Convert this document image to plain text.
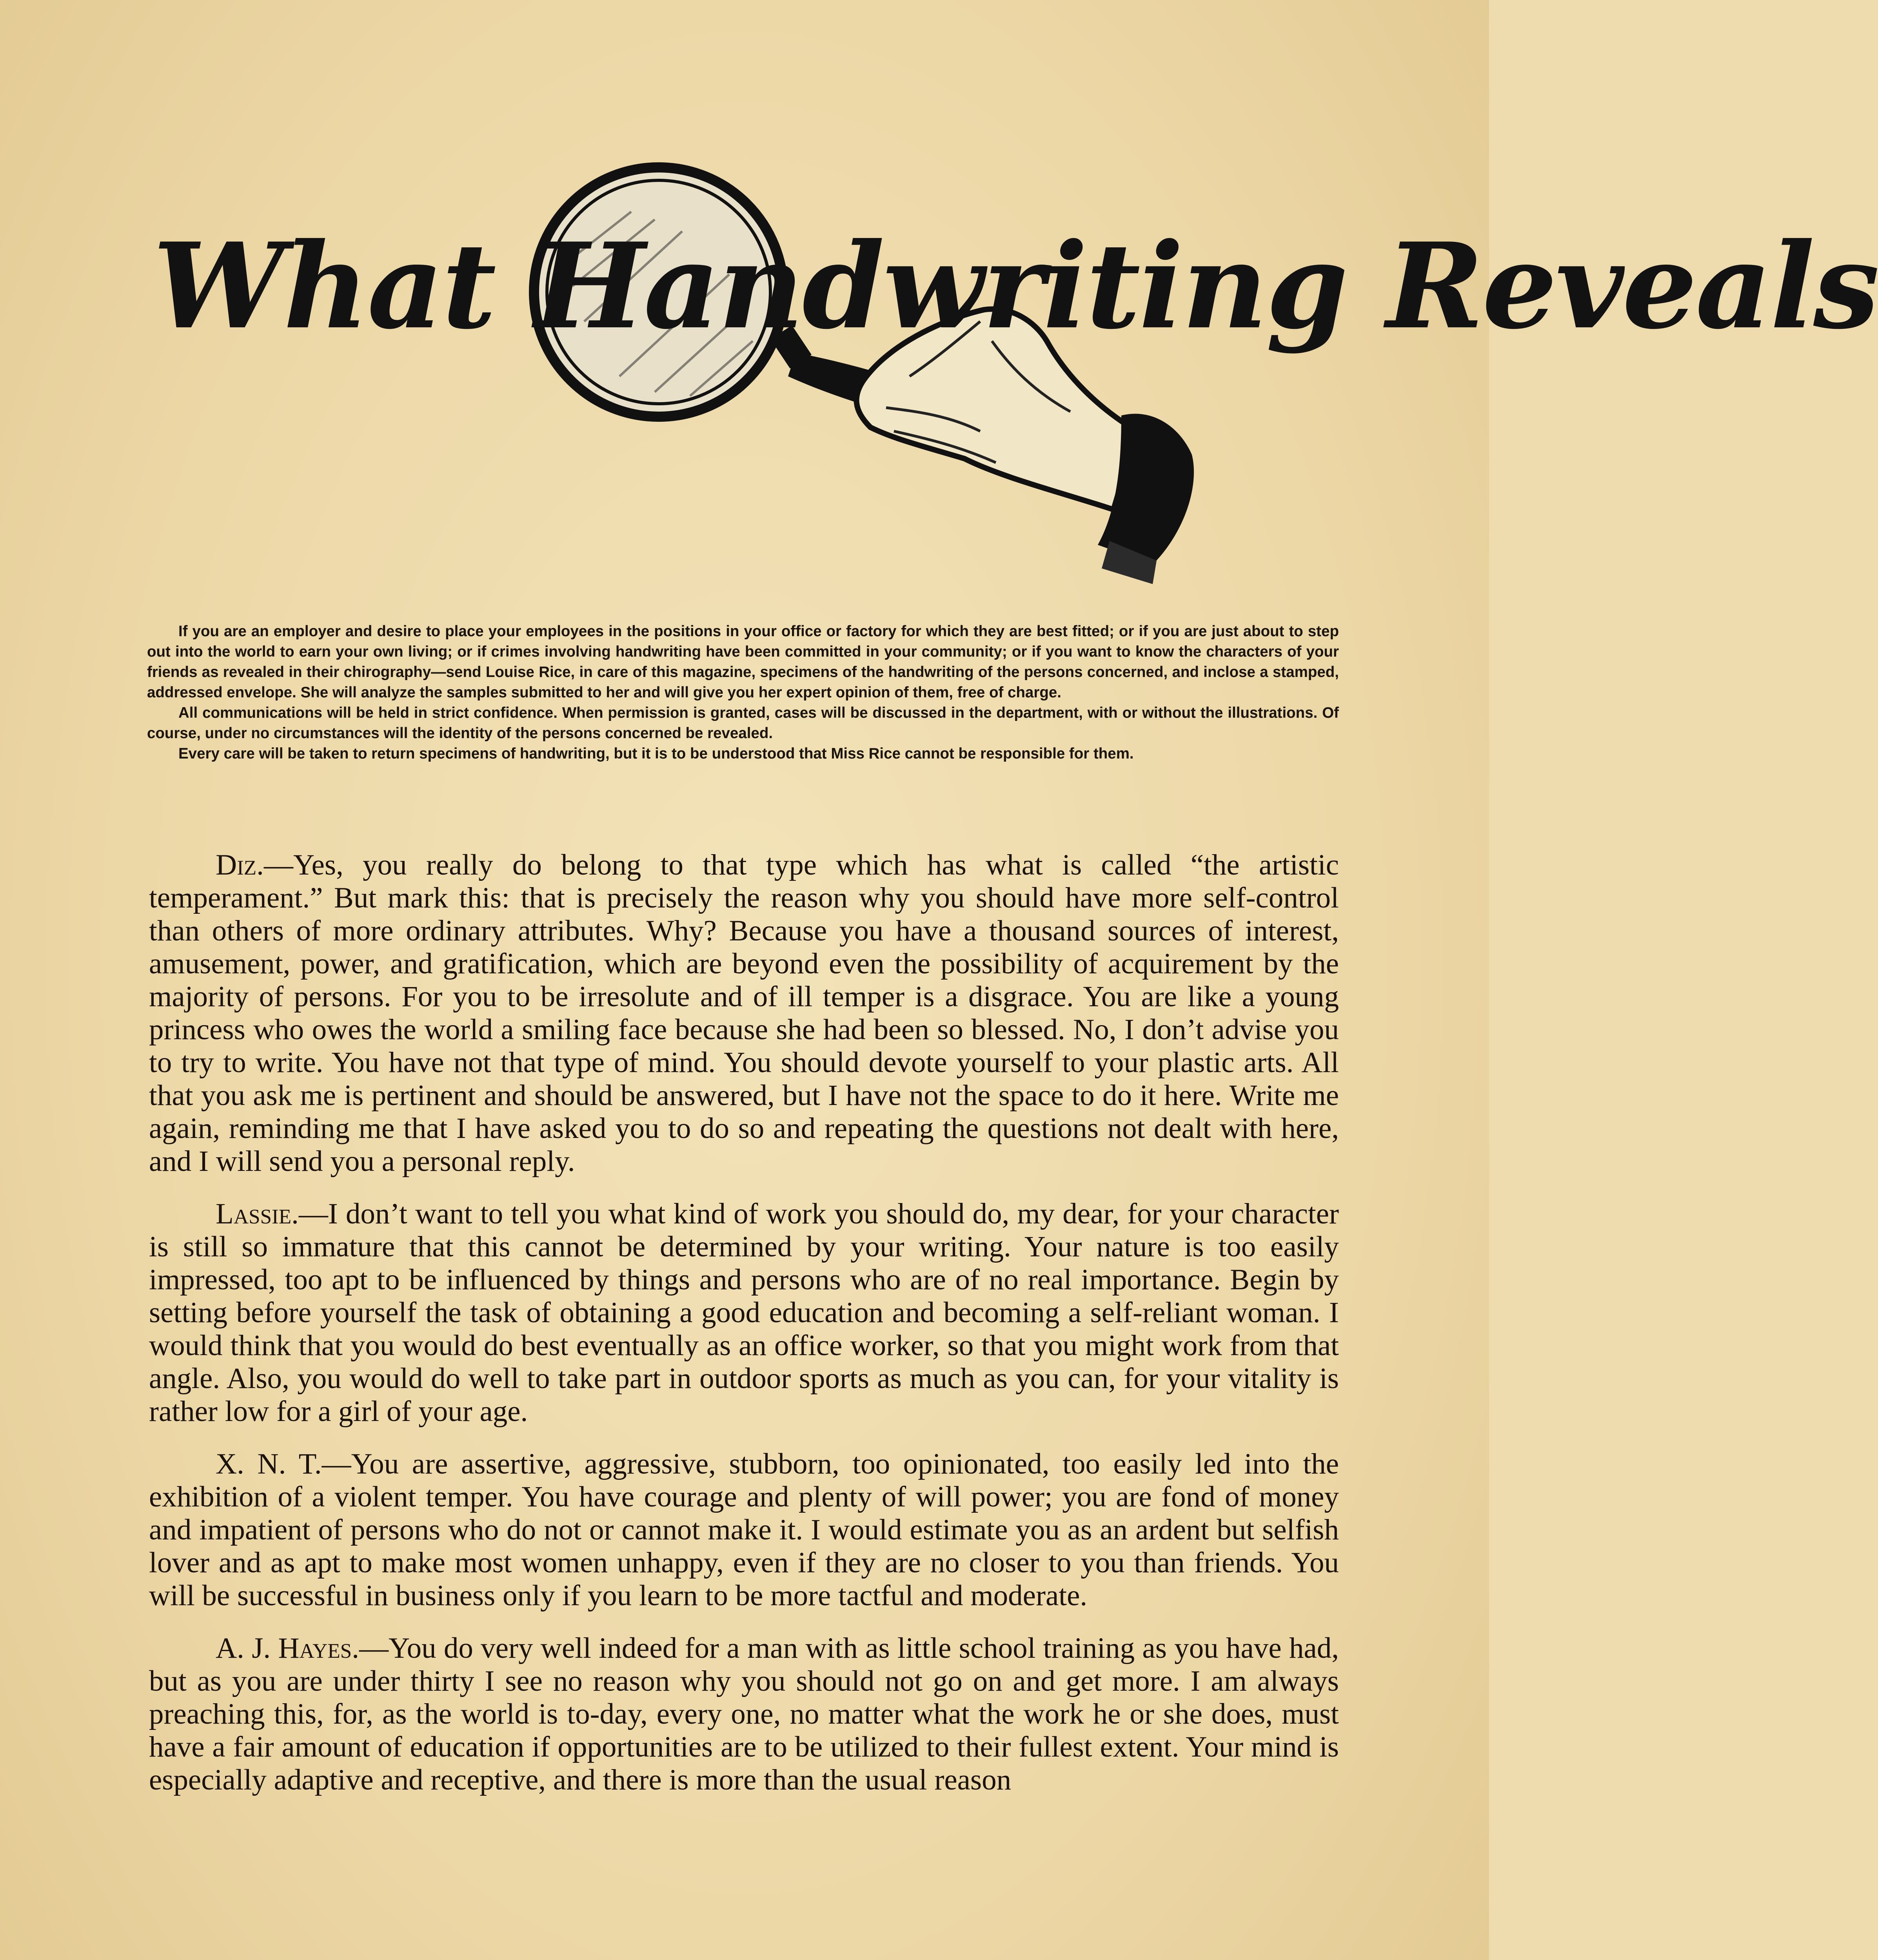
What Handwriting Reveals

If you are an employer and desire to place your employees in the positions in your office or factory for which they are best fitted; or if you are just about to step out into the world to earn your own living; or if crimes involving handwriting have been committed in your community; or if you want to know the characters of your friends as revealed in their chirography—send Louise Rice, in care of this magazine, specimens of the handwriting of the persons concerned, and inclose a stamped, addressed envelope. She will analyze the samples submitted to her and will give you her expert opinion of them, free of charge.

All communications will be held in strict confidence. When permission is granted, cases will be discussed in the department, with or without the illustrations. Of course, under no circumstances will the identity of the persons concerned be revealed.

Every care will be taken to return specimens of handwriting, but it is to be understood that Miss Rice cannot be responsible for them.

Diz.—Yes, you really do belong to that type which has what is called “the artistic temperament.” But mark this: that is precisely the reason why you should have more self-control than others of more ordinary attributes. Why? Because you have a thousand sources of interest, amusement, power, and gratification, which are beyond even the possibility of acquirement by the majority of persons. For you to be irresolute and of ill temper is a disgrace. You are like a young princess who owes the world a smiling face because she had been so blessed. No, I don’t advise you to try to write. You have not that type of mind. You should devote yourself to your plastic arts. All that you ask me is pertinent and should be answered, but I have not the space to do it here. Write me again, reminding me that I have asked you to do so and repeating the questions not dealt with here, and I will send you a personal reply.

Lassie.—I don’t want to tell you what kind of work you should do, my dear, for your character is still so immature that this cannot be determined by your writing. Your nature is too easily impressed, too apt to be influenced by things and persons who are of no real importance. Begin by setting before yourself the task of obtaining a good education and becoming a self-reliant woman. I would think that you would do best eventually as an office worker, so that you might work from that angle. Also, you would do well to take part in outdoor sports as much as you can, for your vitality is rather low for a girl of your age.

X. N. T.—You are assertive, aggressive, stubborn, too opinionated, too easily led into the exhibition of a violent temper. You have courage and plenty of will power; you are fond of money and impatient of persons who do not or cannot make it. I would estimate you as an ardent but selfish lover and as apt to make most women unhappy, even if they are no closer to you than friends. You will be successful in business only if you learn to be more tactful and moderate.

A. J. Hayes.—You do very well indeed for a man with as little school training as you have had, but as you are under thirty I see no reason why you should not go on and get more. I am always preaching this, for, as the world is to-day, every one, no matter what the work he or she does, must have a fair amount of education if opportunities are to be utilized to their fullest extent. Your mind is especially adaptive and receptive, and there is more than the usual reason
